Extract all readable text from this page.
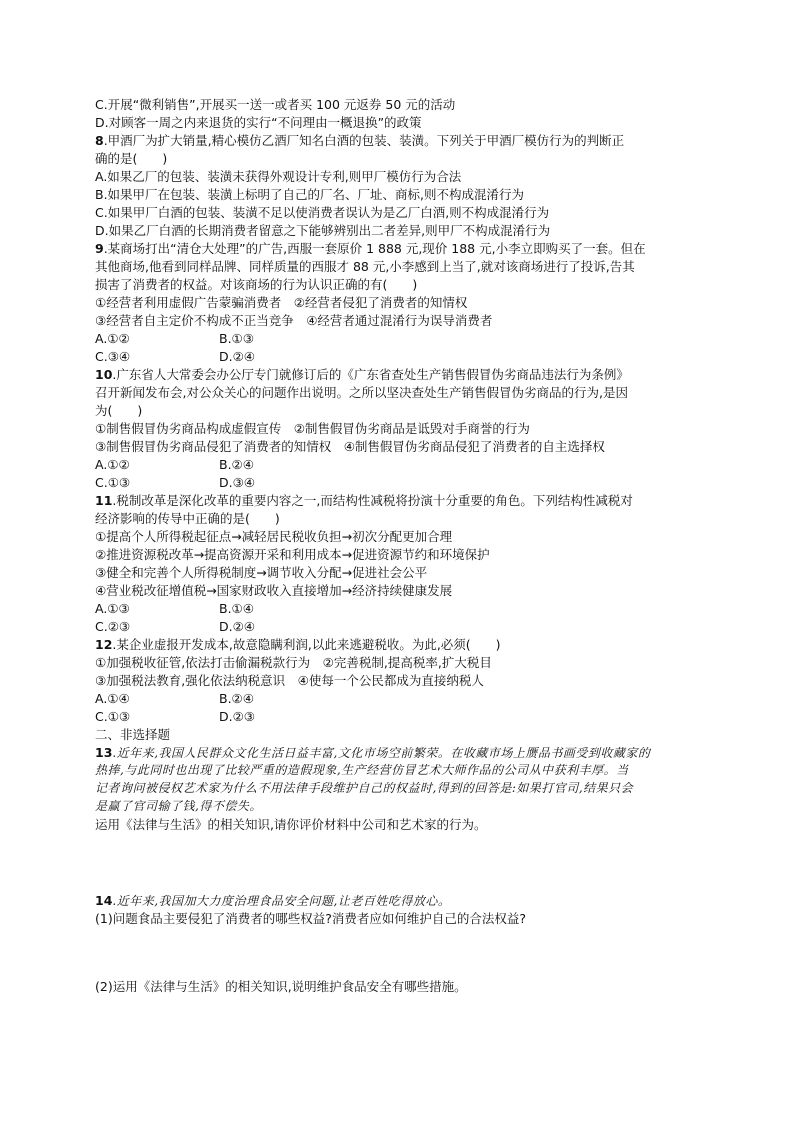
C.开展“微利销售”,开展买一送一或者买 100 元返券 50 元的活动
D.对顾客一周之内来退货的实行“不问理由一概退换”的政策
8.甲酒厂为扩大销量,精心模仿乙酒厂知名白酒的包装、装潢。下列关于甲酒厂模仿行为的判断正
确的是(　　)
A.如果乙厂的包装、装潢未获得外观设计专利,则甲厂模仿行为合法
B.如果甲厂在包装、装潢上标明了自己的厂名、厂址、商标,则不构成混淆行为
C.如果甲厂白酒的包装、装潢不足以使消费者误认为是乙厂白酒,则不构成混淆行为
D.如果乙厂白酒的长期消费者留意之下能够辨别出二者差异,则甲厂不构成混淆行为
9.某商场打出“清仓大处理”的广告,西服一套原价 1 888 元,现价 188 元,小李立即购买了一套。但在
其他商场,他看到同样品牌、同样质量的西服才 88 元,小李感到上当了,就对该商场进行了投诉,告其
损害了消费者的权益。对该商场的行为认识正确的有(　　)
①经营者利用虚假广告蒙骗消费者　②经营者侵犯了消费者的知情权
③经营者自主定价不构成不正当竞争　④经营者通过混淆行为误导消费者
A.①②	B.①③
C.③④	D.②④
10.广东省人大常委会办公厅专门就修订后的《广东省查处生产销售假冒伪劣商品违法行为条例》
召开新闻发布会,对公众关心的问题作出说明。之所以坚决查处生产销售假冒伪劣商品的行为,是因
为(　　)
①制售假冒伪劣商品构成虚假宣传　②制售假冒伪劣商品是诋毁对手商誉的行为
③制售假冒伪劣商品侵犯了消费者的知情权　④制售假冒伪劣商品侵犯了消费者的自主选择权
A.①②	B.②④
C.①③	D.③④
11.税制改革是深化改革的重要内容之一,而结构性减税将扮演十分重要的角色。下列结构性减税对
经济影响的传导中正确的是(　　)
①提高个人所得税起征点→减轻居民税收负担→初次分配更加合理
②推进资源税改革→提高资源开采和利用成本→促进资源节约和环境保护
③健全和完善个人所得税制度→调节收入分配→促进社会公平
④营业税改征增值税→国家财政收入直接增加→经济持续健康发展
A.①③	B.①④
C.②③	D.②④
12.某企业虚报开发成本,故意隐瞒利润,以此来逃避税收。为此,必须(　　)
①加强税收征管,依法打击偷漏税款行为　②完善税制,提高税率,扩大税目
③加强税法教育,强化依法纳税意识　④使每一个公民都成为直接纳税人
A.①④	B.②④
C.①③	D.②③
二、非选择题
13.近年来,我国人民群众文化生活日益丰富,文化市场空前繁荣。在收藏市场上赝品书画受到收藏家的
热捧,与此同时也出现了比较严重的造假现象,生产经营仿冒艺术大师作品的公司从中获利丰厚。当
记者询问被侵权艺术家为什么不用法律手段维护自己的权益时,得到的回答是:如果打官司,结果只会
是赢了官司输了钱,得不偿失。
运用《法律与生活》的相关知识,请你评价材料中公司和艺术家的行为。
14.近年来,我国加大力度治理食品安全问题,让老百姓吃得放心。
(1)问题食品主要侵犯了消费者的哪些权益?消费者应如何维护自己的合法权益?
(2)运用《法律与生活》的相关知识,说明维护食品安全有哪些措施。
